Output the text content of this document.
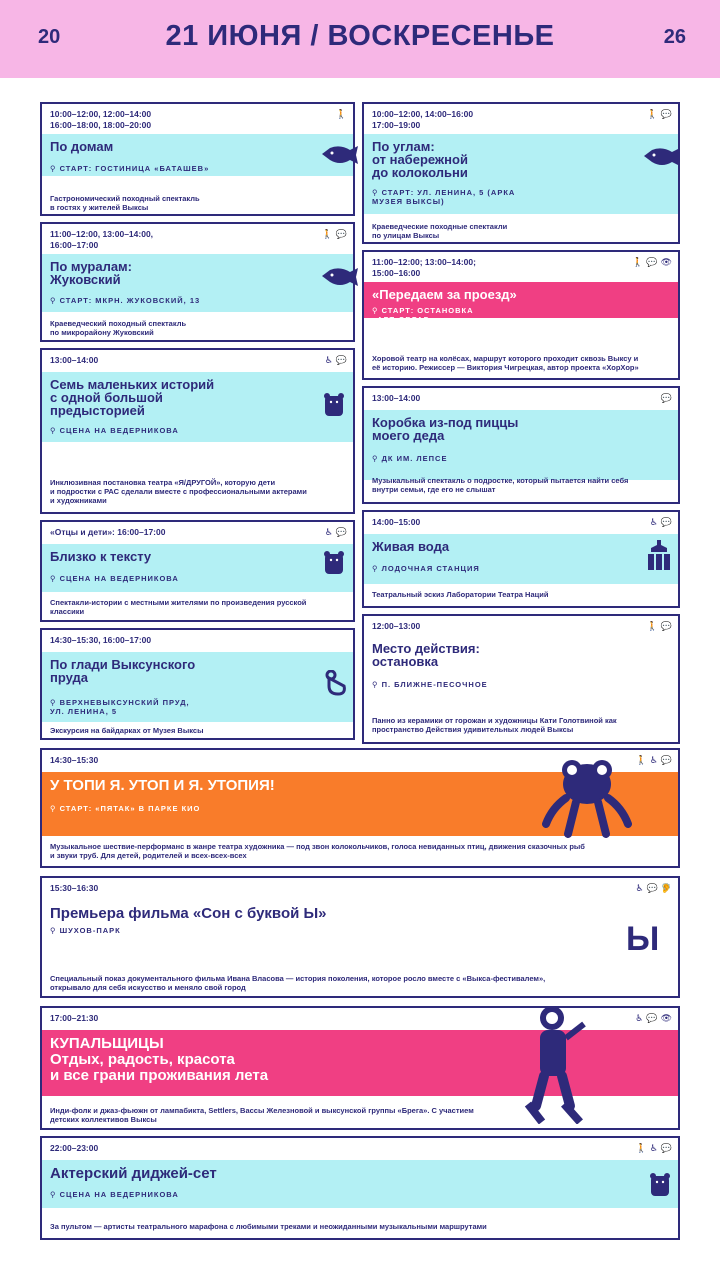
20	21 ИЮНЯ / ВОСКРЕСЕНЬЕ	26
10:00–12:00, 12:00–14:00
16:00–18:00, 18:00–20:00
🚶
По домам
⚲ СТАРТ: ГОСТИНИЦА «БАТАШЕВ»
Гастрономический походный спектакль
в гостях у жителей Выксы
10:00–12:00, 14:00–16:00
17:00–19:00
🚶 💬
По углам:
от набережной
до колокольни
⚲ СТАРТ: УЛ. ЛЕНИНА, 5 (АРКА
МУЗЕЯ ВЫКСЫ)
Краеведческие походные спектакли
по улицам Выксы
11:00–12:00, 13:00–14:00,
16:00–17:00
🚶 💬
По муралам:
Жуковский
⚲ СТАРТ: МКРН. ЖУКОВСКИЙ, 13
Краеведческий походный спектакль
по микрорайону Жуковский
11:00–12:00; 13:00–14:00;
15:00–16:00
🚶 💬 👁
«Передаем за проезд»
⚲ СТАРТ: ОСТАНОВКА
«АРТ-ОВРАГ»
Хоровой театр на колёсах, маршрут которого проходит сквозь Выксу и
её историю. Режиссер — Виктория Чигрецкая, автор проекта «ХорХор»
13:00–14:00	♿ 💬
Семь маленьких историй
с одной большой
предысторией
⚲ СЦЕНА НА ВЕДЕРНИКОВА
Инклюзивная постановка театра «Я/ДРУГОЙ», которую дети
и подростки с РАС сделали вместе с профессиональными актерами
и художниками
13:00–14:00	💬
Коробка из-под пиццы
моего деда
⚲ ДК ИМ. ЛЕПСЕ
Музыкальный спектакль о подростке, который пытается найти себя
внутри семьи, где его не слышат
«Отцы и дети»: 16:00–17:00	♿ 💬
Близко к тексту
⚲ СЦЕНА НА ВЕДЕРНИКОВА
Спектакли-истории с местными жителями по произведения русской
классики
14:00–15:00	♿ 💬
Живая вода
⚲ ЛОДОЧНАЯ СТАНЦИЯ
Театральный эскиз Лаборатории Театра Наций
14:30–15:30, 16:00–17:00
По глади Выксунского
пруда
⚲ ВЕРХНЕВЫКСУНСКИЙ ПРУД,
УЛ. ЛЕНИНА, 5
Экскурсия на байдарках от Музея Выксы
12:00–13:00	🚶 💬
Место действия:
остановка
⚲ П. БЛИЖНЕ-ПЕСОЧНОЕ
Панно из керамики от горожан и художницы Кати Голотвиной как
пространство Действия удивительных людей Выксы
14:30–15:30	🚶 ♿ 💬
У ТОПИ Я. УТОП И Я. УТОПИЯ!
⚲ СТАРТ: «ПЯТАК» В ПАРКЕ КИО
Музыкальное шествие-перформанс в жанре театра художника — под звон колокольчиков, голоса невиданных птиц, движения сказочных рыб
и звуки труб. Для детей, родителей и всех-всех-всех
15:30–16:30	♿ 💬 🦻
Премьера фильма «Сон с буквой Ы»
⚲ ШУХОВ-ПАРК
Специальный показ документального фильма Ивана Власова — история поколения, которое росло вместе с «Выкса-фестивалем»,
открывало для себя искусство и меняло свой город
Ы
17:00–21:30	♿ 💬 👁
КУПАЛЬЩИЦЫ
Отдых, радость, красота
и все грани проживания лета
Инди-фолк и джаз-фьюжн от лампабикта, Settlers, Вассы Железновой и выксунской группы «Брега». С участием
детских коллективов Выксы
22:00–23:00	🚶 ♿ 💬
Актерский диджей-сет
⚲ СЦЕНА НА ВЕДЕРНИКОВА
За пультом — артисты театрального марафона с любимыми треками и неожиданными музыкальными маршрутами
